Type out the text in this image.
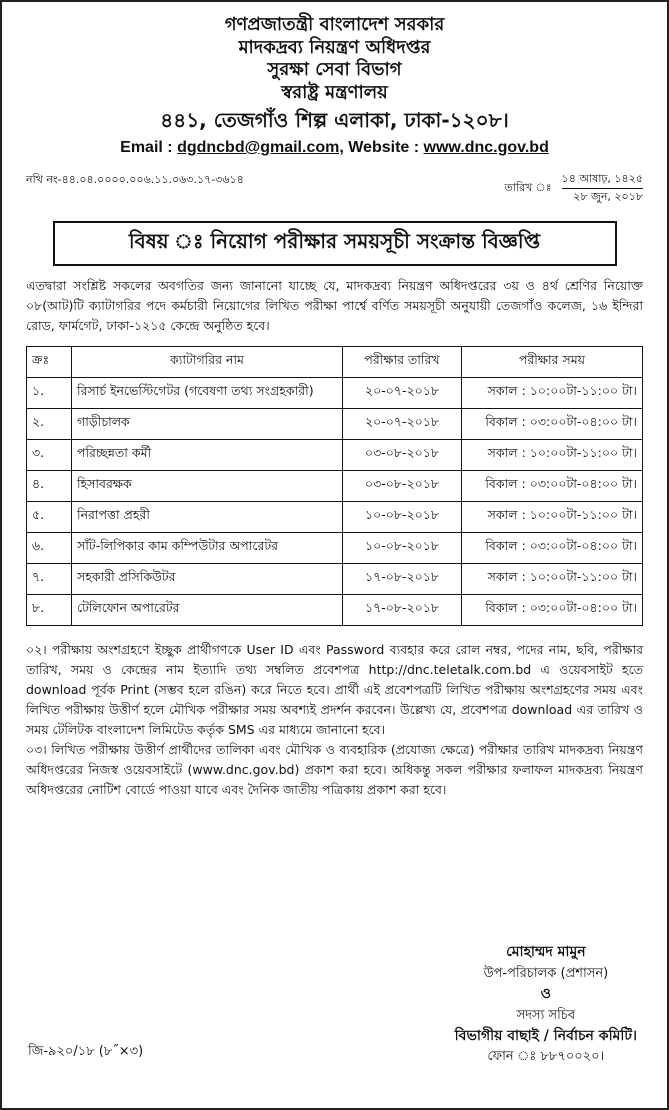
গণপ্রজাতন্ত্রী বাংলাদেশ সরকার
মাদকদ্রব্য নিয়ন্ত্রণ অধিদপ্তর
সুরক্ষা সেবা বিভাগ
স্বরাষ্ট্র মন্ত্রণালয়
৪৪১, তেজগাঁও শিল্প এলাকা, ঢাকা-১২০৮।
Email : dgdncbd@gmail.com, Website : www.dnc.gov.bd
নথি নং-৪৪.০৪.০০০০.০০৬.১১.০৬৩.১৭-৩৬১৪
তারিখ ঃ
১৪ আষাঢ়, ১৪২৫
২৮ জুন, ২০১৮
বিষয় ঃ নিয়োগ পরীক্ষার সময়সূচী সংক্রান্ত বিজ্ঞপ্তি
এতদ্বারা সংশ্লিষ্ট সকলের অবগতির জন্য জানানো যাচ্ছে যে, মাদকদ্রব্য নিয়ন্ত্রণ অধিদপ্তরের ৩য় ও ৪র্থ শ্রেণির নিয়োক্ত ০৮(আট)টি ক্যাটাগরির পদে কর্মচারী নিয়োগের লিখিত পরীক্ষা পার্শ্বে বর্ণিত সময়সূচী অনুযায়ী তেজগাঁও কলেজ, ১৬ ইন্দিরা রোড, ফার্মগেট, ঢাকা-১২১৫ কেন্দ্রে অনুষ্ঠিত হবে।
ক্রঃ	ক্যাটাগরির নাম	পরীক্ষার তারিখ	পরীক্ষার সময়
১.	রিসার্চ ইনভেস্টিগেটর (গবেষণা তথ্য সংগ্রহকারী)	২০-০৭-২০১৮	সকাল : ১০:০০টা-১১:০০ টা।
২.	গাড়ীচালক	২০-০৭-২০১৮	বিকাল : ০৩:০০টা-০৪:০০ টা।
৩.	পরিচ্ছন্নতা কর্মী	০৩-০৮-২০১৮	সকাল : ১০:০০টা-১১:০০ টা।
৪.	হিসাবরক্ষক	০৩-০৮-২০১৮	বিকাল : ০৩:০০টা-০৪:০০ টা।
৫.	নিরাপত্তা প্রহরী	১০-০৮-২০১৮	সকাল : ১০:০০টা-১১:০০ টা।
৬.	সাঁট-লিপিকার কাম কম্পিউটার অপারেটর	১০-০৮-২০১৮	বিকাল : ০৩:০০টা-০৪:০০ টা।
৭.	সহকারী প্রসিকিউটর	১৭-০৮-২০১৮	সকাল : ১০:০০টা-১১:০০ টা।
৮.	টেলিফোন অপারেটর	১৭-০৮-২০১৮	বিকাল : ০৩:০০টা-০৪:০০ টা।
০২। পরীক্ষায় অংশগ্রহণে ইচ্ছুক প্রার্থীগণকে User ID এবং Password ব্যবহার করে রোল নম্বর, পদের নাম, ছবি, পরীক্ষার তারিখ, সময় ও কেন্দ্রের নাম ইত্যাদি তথ্য সম্বলিত প্রবেশপত্র http://dnc.teletalk.com.bd এ ওয়েবসাইট হতে download পূর্বক Print (সম্ভব হলে রঙিন) করে নিতে হবে। প্রার্থী এই প্রবেশপত্রটি লিখিত পরীক্ষায় অংশগ্রহণের সময় এবং লিখিত পরীক্ষায় উত্তীর্ণ হলে মৌখিক পরীক্ষার সময় অবশ্যই প্রদর্শন করবেন। উল্লেখ্য যে, প্রবেশপত্র download এর তারিখ ও সময় টেলিটক বাংলাদেশ লিমিটেড কর্তৃক SMS এর মাধ্যমে জানানো হবে।
০৩। লিখিত পরীক্ষায় উত্তীর্ণ প্রার্থীদের তালিকা এবং মৌখিক ও ব্যবহারিক (প্রযোজ্য ক্ষেত্রে) পরীক্ষার তারিখ মাদকদ্রব্য নিয়ন্ত্রণ অধিদপ্তরের নিজস্ব ওয়েবসাইটে (www.dnc.gov.bd) প্রকাশ করা হবে। অধিকন্তু সকল পরীক্ষার ফলাফল মাদকদ্রব্য নিয়ন্ত্রণ অধিদপ্তরের নোটিশ বোর্ডে পাওয়া যাবে এবং দৈনিক জাতীয় পত্রিকায় প্রকাশ করা হবে।
মোহাম্মদ মামুন
উপ-পরিচালক (প্রশাসন)
ও
সদস্য সচিব
বিভাগীয় বাছাই / নির্বাচন কমিটি।
ফোন ঃ ৮৮৭০০২০।
জি-৯২০/১৮ (৮˝×৩)
